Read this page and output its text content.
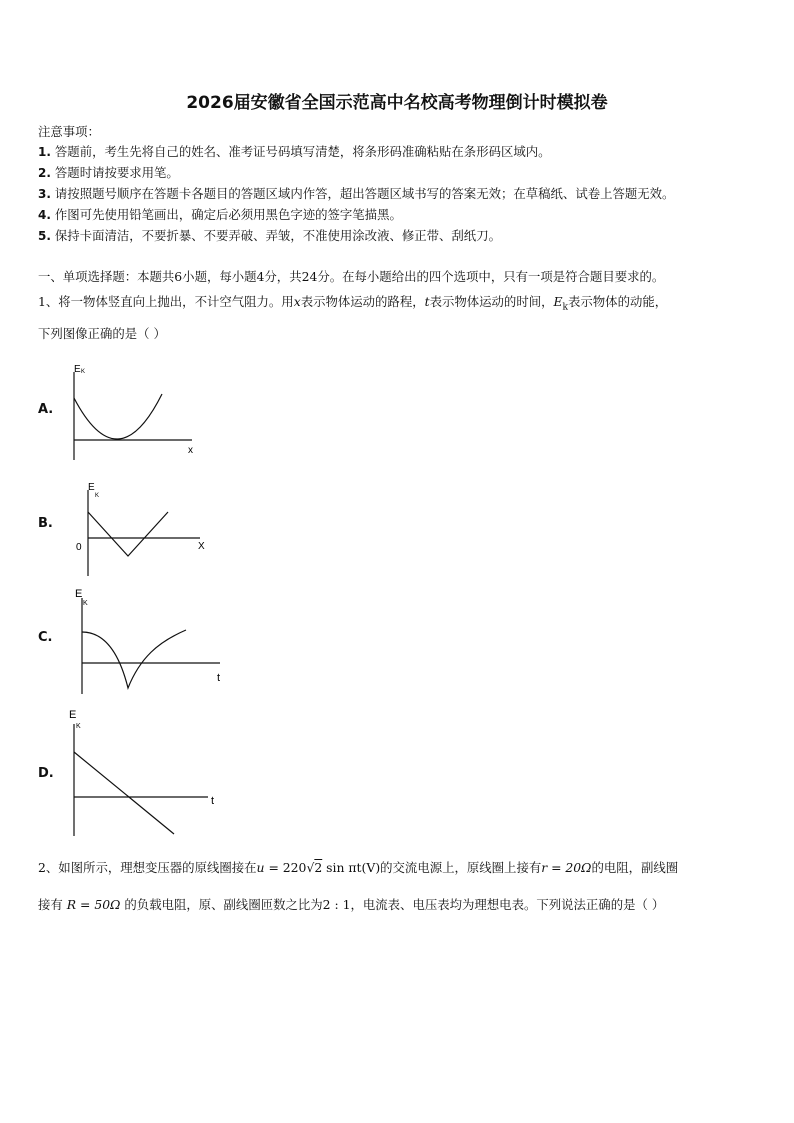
2026届安徽省全国示范高中名校高考物理倒计时模拟卷
注意事项：
1. 答题前，考生先将自己的姓名、准考证号码填写清楚，将条形码准确粘贴在条形码区域内。
2. 答题时请按要求用笔。
3. 请按照题号顺序在答题卡各题目的答题区域内作答，超出答题区域书写的答案无效；在草稿纸、试卷上答题无效。
4. 作图可先使用铅笔画出，确定后必须用黑色字迹的签字笔描黑。
5. 保持卡面清洁，不要折暴、不要弄破、弄皱，不准使用涂改液、修正带、刮纸刀。
一、单项选择题：本题共6小题，每小题4分，共24分。在每小题给出的四个选项中，只有一项是符合题目要求的。
1、将一物体竖直向上抛出，不计空气阻力。用x表示物体运动的路程，t表示物体运动的时间，$E_k$表示物体的动能，
下列图像正确的是（ ）
A.
E K
x
B.
E
K
X
0
C.
E
K
t
D.
E
K
t
2、如图所示，理想变压器的原线圈接在u = 220√2 sin πt(V)的交流电源上，原线圈上接有r = 20Ω的电阻，副线圈
接有 R = 50Ω 的负载电阻，原、副线圈匝数之比为2 : 1，电流表、电压表均为理想电表。下列说法正确的是（ ）
